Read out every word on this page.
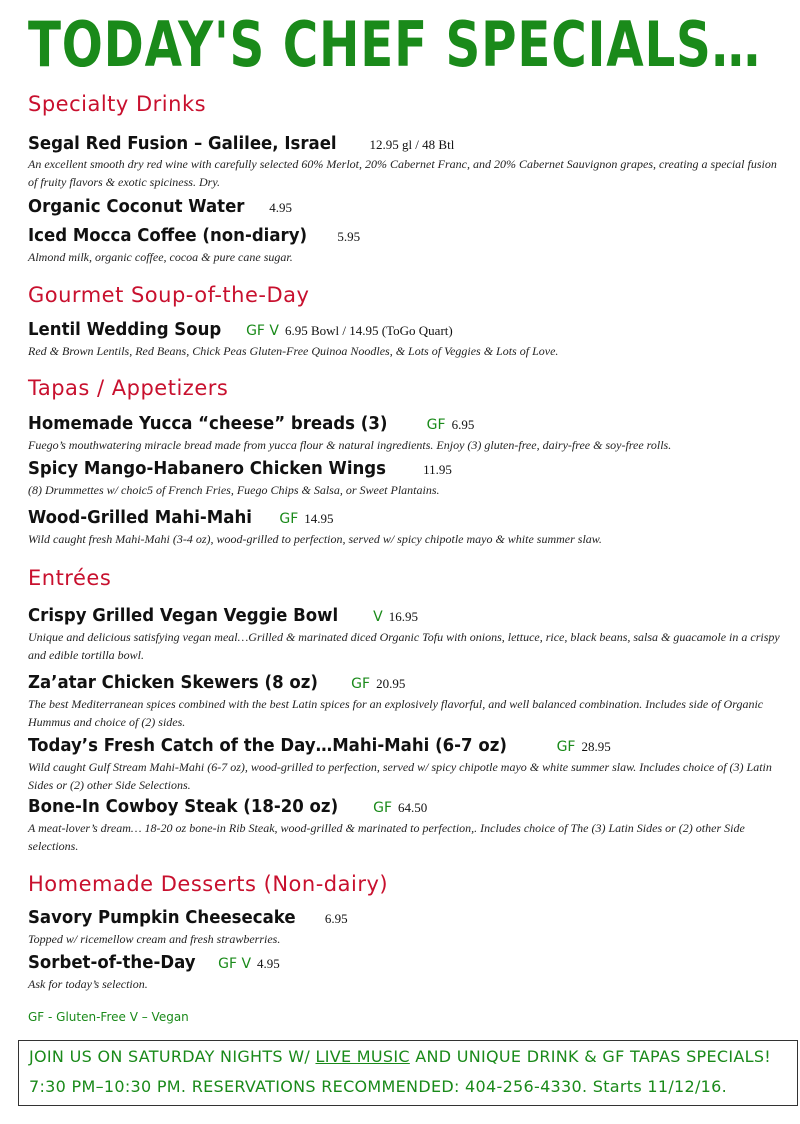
TODAY'S CHEF SPECIALS…
Specialty Drinks
Segal Red Fusion – Galilee, Israel	12.95 gl / 48 Btl
An excellent smooth dry red wine with carefully selected 60% Merlot, 20% Cabernet Franc, and 20% Cabernet Sauvignon grapes, creating a special fusion of fruity flavors & exotic spiciness. Dry.
Organic Coconut Water 4.95
Iced Mocca Coffee (non-diary) 5.95
Almond milk, organic coffee, cocoa & pure cane sugar.
Gourmet Soup-of-the-Day
Lentil Wedding Soup GF V 6.95 Bowl / 14.95 (ToGo Quart)
Red & Brown Lentils, Red Beans, Chick Peas Gluten-Free Quinoa Noodles, & Lots of Veggies & Lots of Love.
Tapas / Appetizers
Homemade Yucca “cheese” breads (3)	GF 6.95
Fuego’s mouthwatering miracle bread made from yucca flour & natural ingredients. Enjoy (3) gluten-free, dairy-free & soy-free rolls.
Spicy Mango-Habanero Chicken Wings	11.95
(8) Drummettes w/ choic5 of French Fries, Fuego Chips & Salsa, or Sweet Plantains.
Wood-Grilled Mahi-Mahi GF 14.95
Wild caught fresh Mahi-Mahi (3-4 oz), wood-grilled to perfection, served w/ spicy chipotle mayo & white summer slaw.
Entrées
Crispy Grilled Vegan Veggie Bowl V 16.95
Unique and delicious satisfying vegan meal…Grilled & marinated diced Organic Tofu with onions, lettuce, rice, black beans, salsa & guacamole in a crispy and edible tortilla bowl.
Za’atar Chicken Skewers (8 oz) GF 20.95
The best Mediterranean spices combined with the best Latin spices for an explosively flavorful, and well balanced combination. Includes side of Organic Hummus and choice of (2) sides.
Today’s Fresh Catch of the Day…Mahi-Mahi (6-7 oz)	GF 28.95
Wild caught Gulf Stream Mahi-Mahi (6-7 oz), wood-grilled to perfection, served w/ spicy chipotle mayo & white summer slaw. Includes choice of (3) Latin Sides or (2) other Side Selections.
Bone-In Cowboy Steak (18-20 oz) GF 64.50
A meat-lover’s dream… 18-20 oz bone-in Rib Steak, wood-grilled & marinated to perfection,. Includes choice of The (3) Latin Sides or (2) other Side selections.
Homemade Desserts (Non-dairy)
Savory Pumpkin Cheesecake 6.95
Topped w/ ricemellow cream and fresh strawberries.
Sorbet-of-the-Day GF V 4.95
Ask for today’s selection.
GF - Gluten-Free V – Vegan
JOIN US ON SATURDAY NIGHTS W/ LIVE MUSIC AND UNIQUE DRINK & GF TAPAS SPECIALS!
7:30 PM–10:30 PM. RESERVATIONS RECOMMENDED: 404-256-4330. Starts 11/12/16.
